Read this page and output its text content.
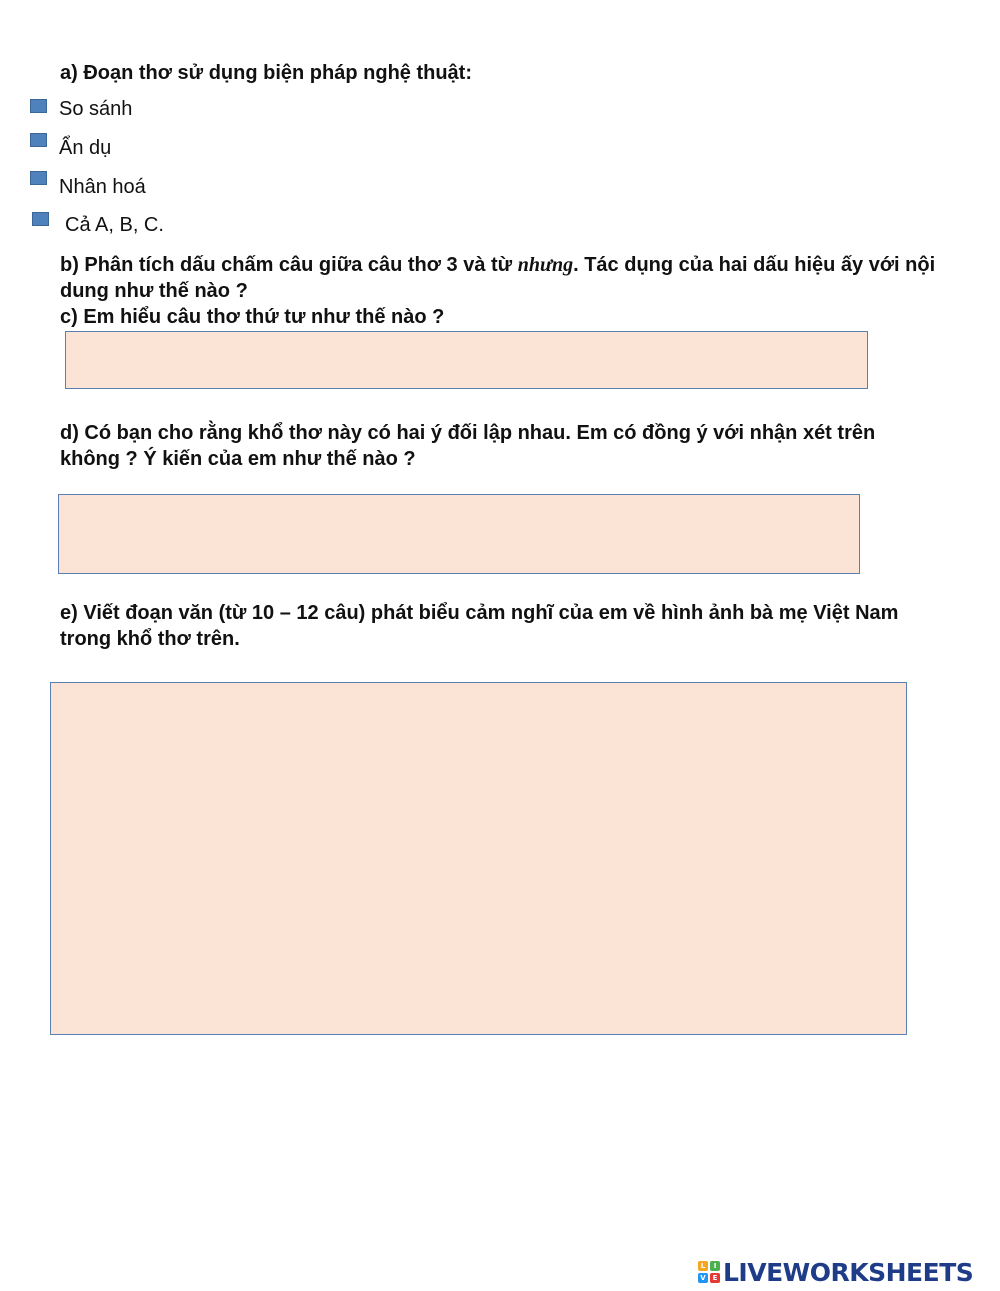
a) Đoạn thơ sử dụng biện pháp nghệ thuật:
So sánh
Ẩn dụ
Nhân hoá
Cả A, B, C.
b) Phân tích dấu chấm câu giữa câu thơ 3 và từ nhưng. Tác dụng của hai dấu hiệu ấy với nội dung như thế nào ?
c) Em hiểu câu thơ thứ tư như thế nào ?
d) Có bạn cho rằng khổ thơ này có hai ý đối lập nhau. Em có đồng ý với nhận xét trên không ? Ý kiến của em như thế nào ?
e) Viết đoạn văn (từ 10 – 12 câu) phát biểu cảm nghĩ của em về hình ảnh bà mẹ Việt Nam trong khổ thơ trên.
L	I
V E LIVEWORKSHEETS
